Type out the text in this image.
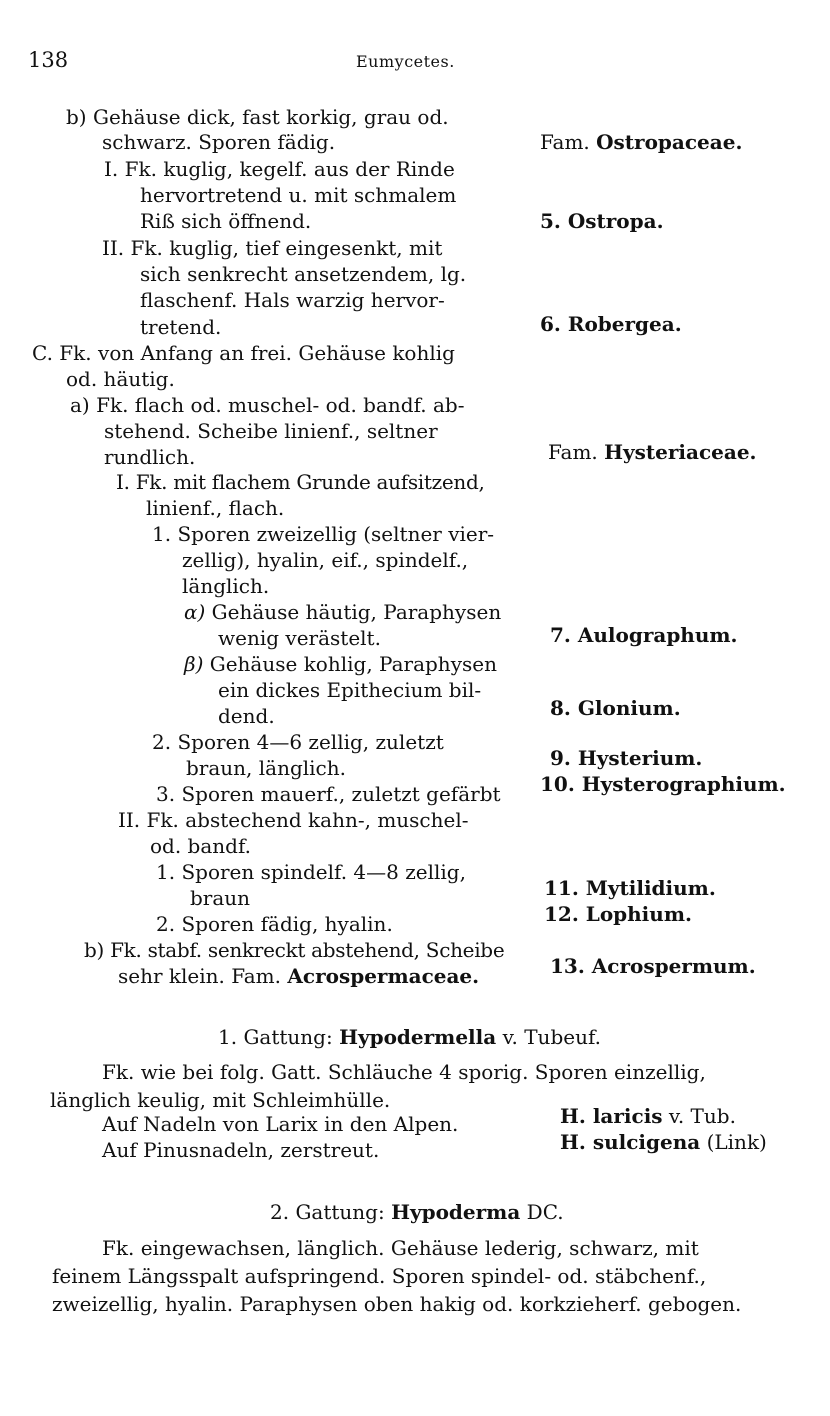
138	Eumycetes.
b) Gehäuse dick, fast korkig, grau od.
schwarz. Sporen fädig.	Fam. Ostropaceae.
I. Fk. kuglig, kegelf. aus der Rinde
hervortretend u. mit schmalem
Riß sich öffnend.	5. Ostropa.
II. Fk. kuglig, tief eingesenkt, mit
sich senkrecht ansetzendem, lg.
flaschenf. Hals warzig hervor-
tretend.	6. Robergea.
C. Fk. von Anfang an frei. Gehäuse kohlig
od. häutig.
a) Fk. flach od. muschel- od. bandf. ab-
stehend. Scheibe linienf., seltner
rundlich.	Fam. Hysteriaceae.
I. Fk. mit flachem Grunde aufsitzend,
linienf., flach.
1. Sporen zweizellig (seltner vier-
zellig), hyalin, eif., spindelf.,
länglich.
α) Gehäuse häutig, Paraphysen
wenig verästelt.	7. Aulographum.
β) Gehäuse kohlig, Paraphysen
ein dickes Epithecium bil-
dend.	8. Glonium.
2. Sporen 4—6 zellig, zuletzt
braun, länglich.	9. Hysterium.
3. Sporen mauerf., zuletzt gefärbt 10. Hysterographium.
II. Fk. abstechend kahn-, muschel-
od. bandf.
1. Sporen spindelf. 4—8 zellig,
braun	11. Mytilidium.
2. Sporen fädig, hyalin.	12. Lophium.
b) Fk. stabf. senkreckt abstehend, Scheibe
sehr klein. Fam. Acrospermaceae.	13. Acrospermum.
1. Gattung: Hypodermella v. Tubeuf.
Fk. wie bei folg. Gatt. Schläuche 4 sporig. Sporen einzellig,
länglich keulig, mit Schleimhülle.
Auf Nadeln von Larix in den Alpen.	H. laricis v. Tub.
Auf Pinusnadeln, zerstreut.	H. sulcigena (Link)
2. Gattung: Hypoderma DC.
Fk. eingewachsen, länglich. Gehäuse lederig, schwarz, mit
feinem Längsspalt aufspringend. Sporen spindel- od. stäbchenf.,
zweizellig, hyalin. Paraphysen oben hakig od. korkzieherf. gebogen.
